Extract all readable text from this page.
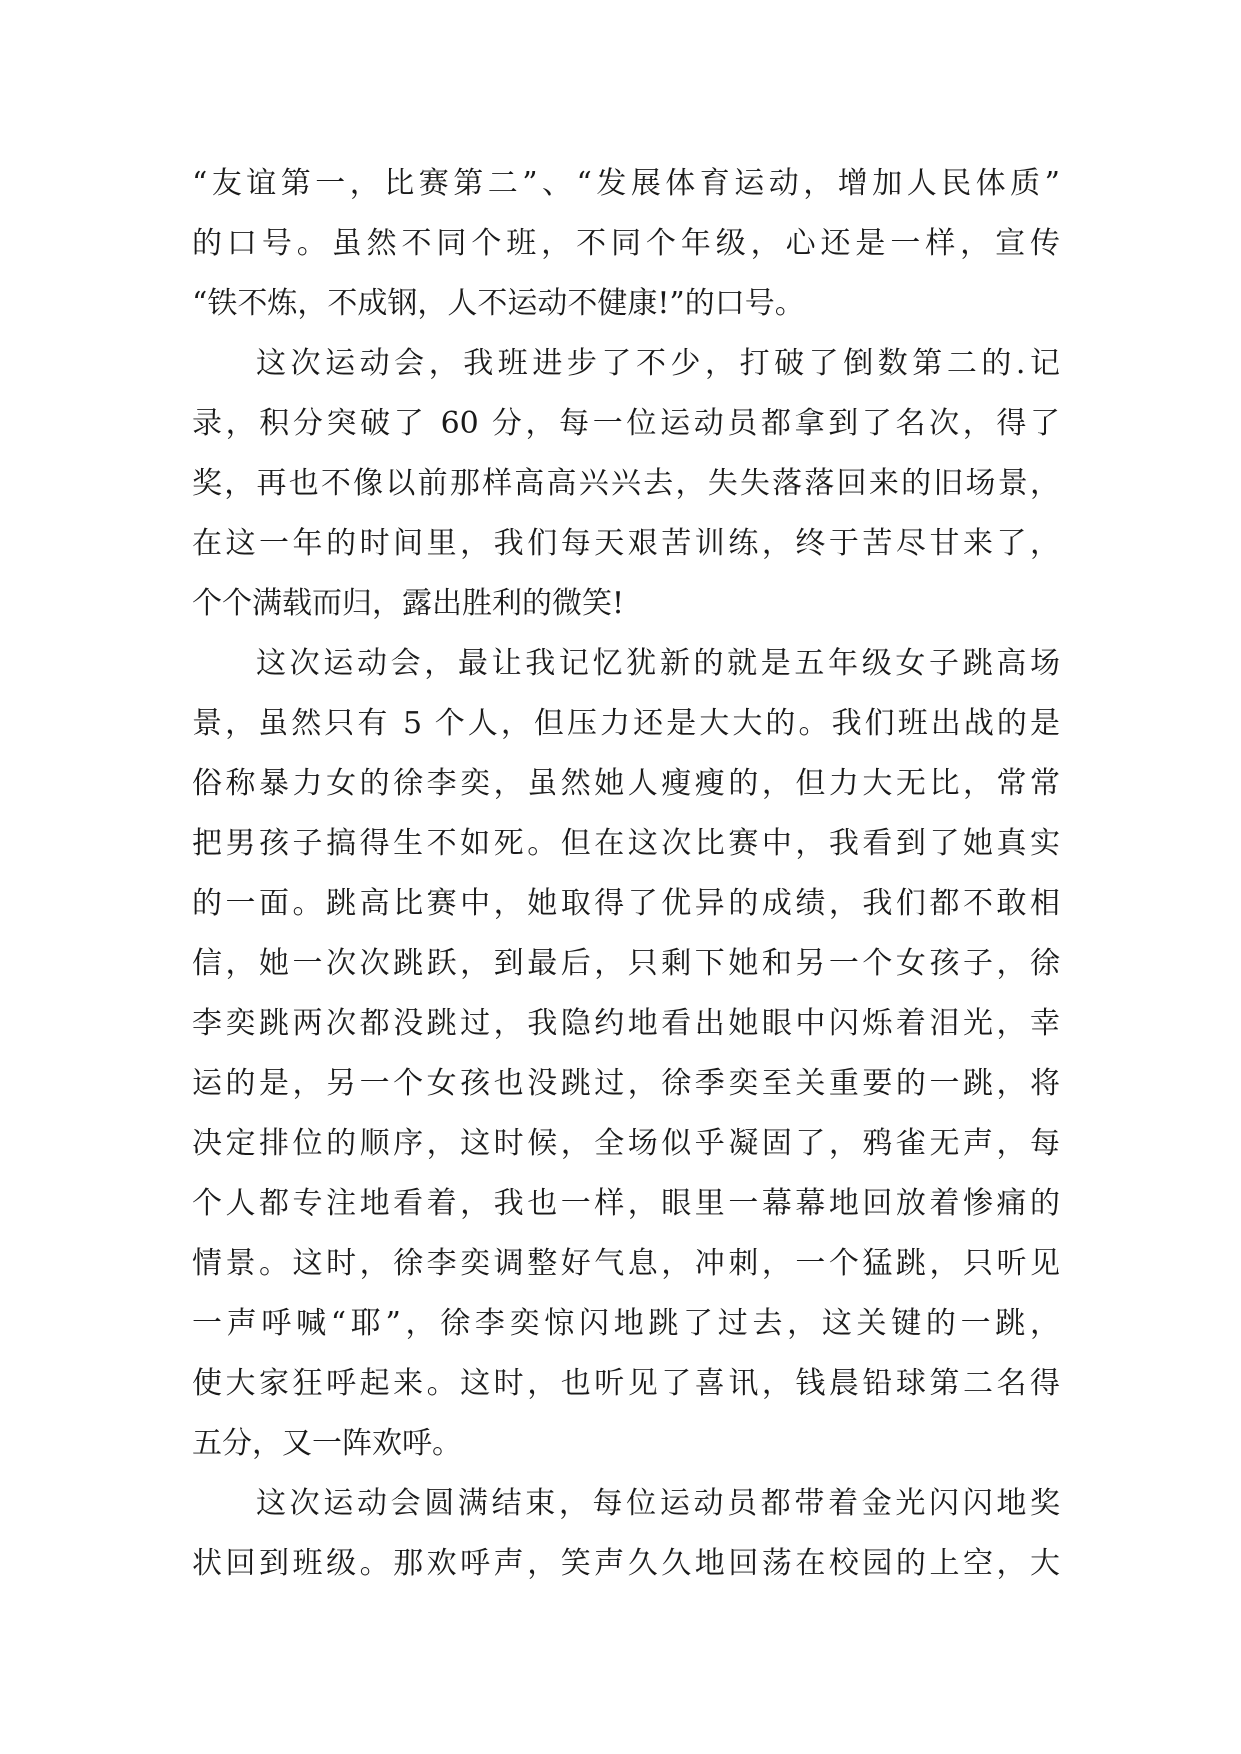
“友谊第一，比赛第二”、“发展体育运动，增加人民体质”
的口号。虽然不同个班，不同个年级，心还是一样，宣传
“铁不炼，不成钢，人不运动不健康!”的口号。
这次运动会，我班进步了不少，打破了倒数第二的.记
录，积分突破了 60 分，每一位运动员都拿到了名次，得了
奖，再也不像以前那样高高兴兴去，失失落落回来的旧场景，
在这一年的时间里，我们每天艰苦训练，终于苦尽甘来了，
个个满载而归，露出胜利的微笑!
这次运动会，最让我记忆犹新的就是五年级女子跳高场
景，虽然只有 5 个人，但压力还是大大的。我们班出战的是
俗称暴力女的徐李奕，虽然她人瘦瘦的，但力大无比，常常
把男孩子搞得生不如死。但在这次比赛中，我看到了她真实
的一面。跳高比赛中，她取得了优异的成绩，我们都不敢相
信，她一次次跳跃，到最后，只剩下她和另一个女孩子，徐
李奕跳两次都没跳过，我隐约地看出她眼中闪烁着泪光，幸
运的是，另一个女孩也没跳过，徐季奕至关重要的一跳，将
决定排位的顺序，这时候，全场似乎凝固了，鸦雀无声，每
个人都专注地看着，我也一样，眼里一幕幕地回放着惨痛的
情景。这时，徐李奕调整好气息，冲刺，一个猛跳，只听见
一声呼喊“耶”，徐李奕惊闪地跳了过去，这关键的一跳，
使大家狂呼起来。这时，也听见了喜讯，钱晨铅球第二名得
五分，又一阵欢呼。
这次运动会圆满结束，每位运动员都带着金光闪闪地奖
状回到班级。那欢呼声，笑声久久地回荡在校园的上空，大
